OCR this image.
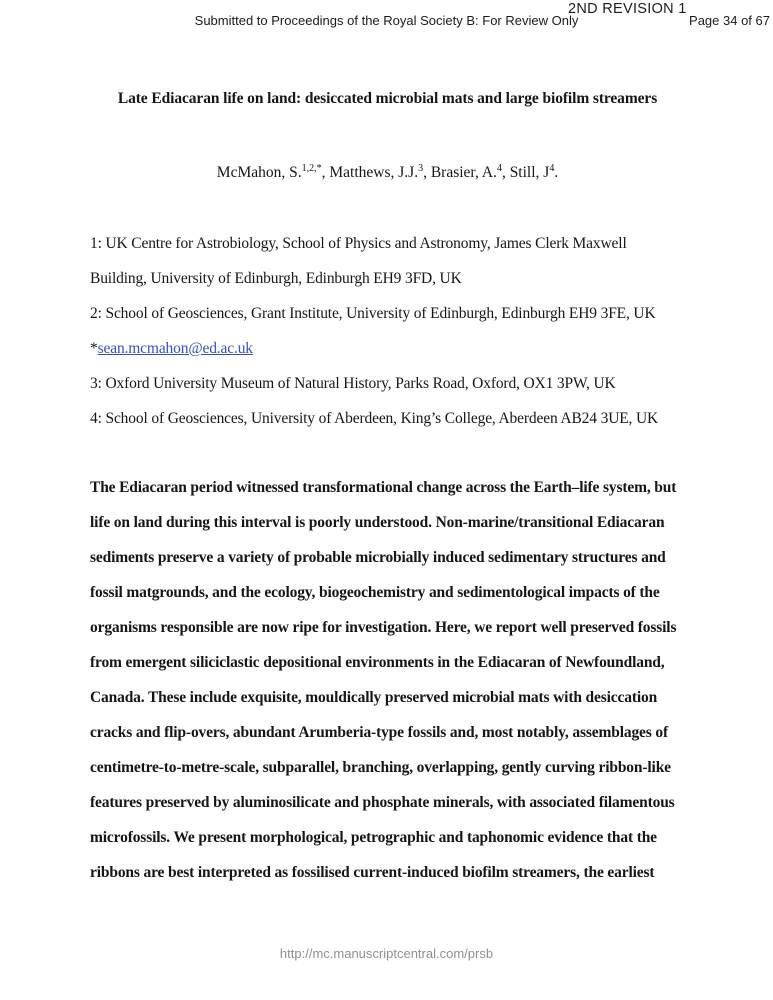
Submitted to Proceedings of the Royal Society B: For Review Only
2ND REVISION 1
Page 34 of 67
Late Ediacaran life on land: desiccated microbial mats and large biofilm streamers
McMahon, S.$^{1,2,*}$, Matthews, J.J.$^3$, Brasier, A.$^4$, Still, $J^4$.
1: UK Centre for Astrobiology, School of Physics and Astronomy, James Clerk Maxwell
Building, University of Edinburgh, Edinburgh EH9 3FD, UK
2: School of Geosciences, Grant Institute, University of Edinburgh, Edinburgh EH9 3FE, UK
*sean.mcmahon@ed.ac.uk
3: Oxford University Museum of Natural History, Parks Road, Oxford, OX1 3PW, UK
4: School of Geosciences, University of Aberdeen, King’s College, Aberdeen AB24 3UE, UK
The Ediacaran period witnessed transformational change across the Earth–life system, but
life on land during this interval is poorly understood. Non-marine/transitional Ediacaran
sediments preserve a variety of probable microbially induced sedimentary structures and
fossil matgrounds, and the ecology, biogeochemistry and sedimentological impacts of the
organisms responsible are now ripe for investigation. Here, we report well preserved fossils
from emergent siliciclastic depositional environments in the Ediacaran of Newfoundland,
Canada. These include exquisite, mouldically preserved microbial mats with desiccation
cracks and flip-overs, abundant Arumberia-type fossils and, most notably, assemblages of
centimetre-to-metre-scale, subparallel, branching, overlapping, gently curving ribbon-like
features preserved by aluminosilicate and phosphate minerals, with associated filamentous
microfossils. We present morphological, petrographic and taphonomic evidence that the
ribbons are best interpreted as fossilised current-induced biofilm streamers, the earliest
http://mc.manuscriptcentral.com/prsb
